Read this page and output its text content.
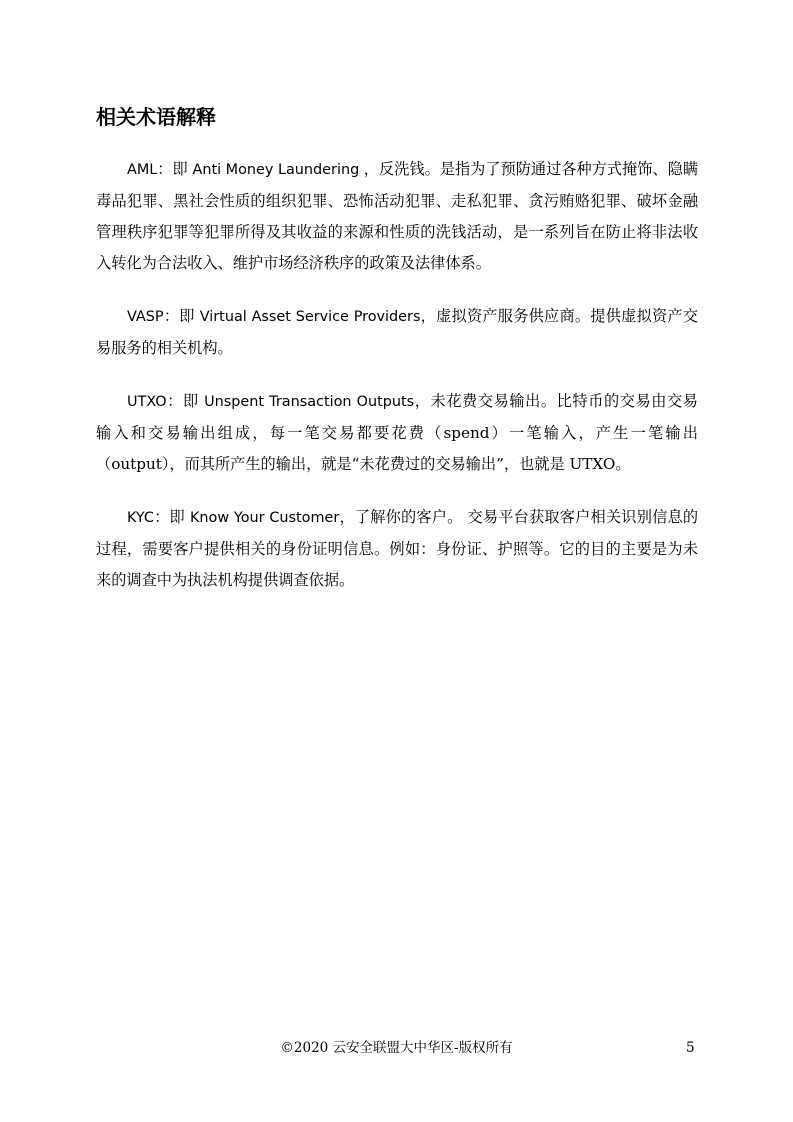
相关术语解释

AML：即 Anti Money Laundering ，反洗钱。是指为了预防通过各种方式掩饰、隐瞒毒品犯罪、黑社会性质的组织犯罪、恐怖活动犯罪、走私犯罪、贪污贿赂犯罪、破坏金融管理秩序犯罪等犯罪所得及其收益的来源和性质的洗钱活动，是一系列旨在防止将非法收入转化为合法收入、维护市场经济秩序的政策及法律体系。

VASP：即 Virtual Asset Service Providers，虚拟资产服务供应商。提供虚拟资产交易服务的相关机构。

UTXO：即 Unspent Transaction Outputs，未花费交易输出。比特币的交易由交易输入和交易输出组成，每一笔交易都要花费（spend）一笔输入，产生一笔输出（output），而其所产生的输出，就是“未花费过的交易输出”，也就是 UTXO。

KYC：即 Know Your Customer，了解你的客户。 交易平台获取客户相关识别信息的过程，需要客户提供相关的身份证明信息。例如：身份证、护照等。它的目的主要是为未来的调查中为执法机构提供调查依据。

©2020 云安全联盟大中华区-版权所有	5
